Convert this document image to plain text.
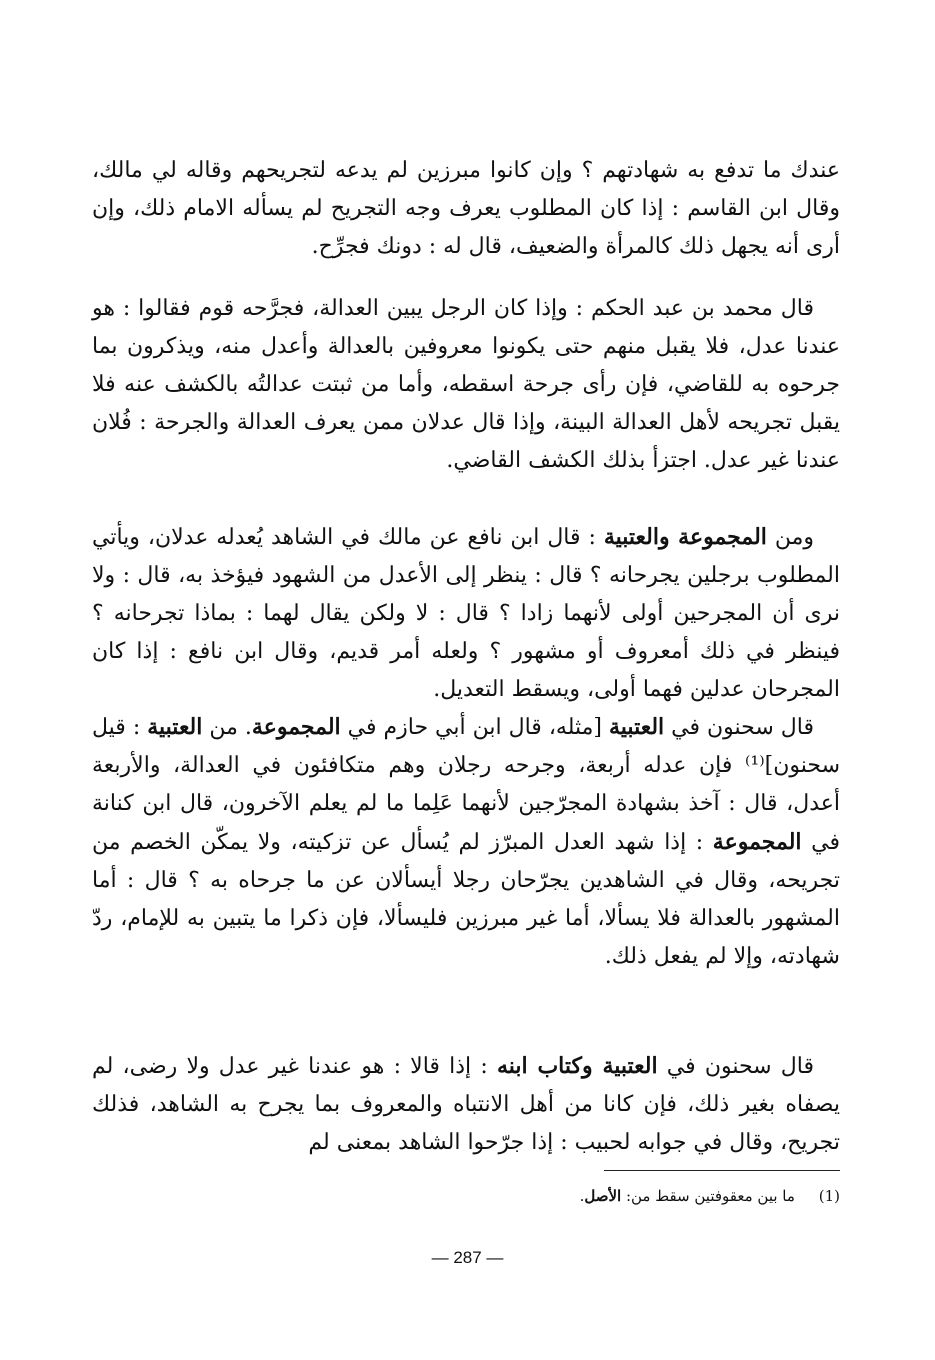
عندك ما تدفع به شهادتهم ؟ وإن كانوا مبرزين لم يدعه لتجريحهم وقاله لي مالك، وقال ابن القاسم : إذا كان المطلوب يعرف وجه التجريح لم يسأله الامام ذلك، وإن أرى أنه يجهل ذلك كالمرأة والضعيف، قال له : دونك فجرِّح.

قال محمد بن عبد الحكم : وإذا كان الرجل يبين العدالة، فجرَّحه قوم فقالوا : هو عندنا عدل، فلا يقبل منهم حتى يكونوا معروفين بالعدالة وأعدل منه، ويذكرون بما جرحوه به للقاضي، فإن رأى جرحة اسقطه، وأما من ثبتت عدالتُه بالكشف عنه فلا يقبل تجريحه لأهل العدالة البينة، وإذا قال عدلان ممن يعرف العدالة والجرحة : فُلان عندنا غير عدل. اجتزأ بذلك الكشف القاضي.

ومن المجموعة والعتبية : قال ابن نافع عن مالك في الشاهد يُعدله عدلان، ويأتي المطلوب برجلين يجرحانه ؟ قال : ينظر إلى الأعدل من الشهود فيؤخذ به، قال : ولا نرى أن المجرحين أولى لأنهما زادا ؟ قال : لا ولكن يقال لهما : بماذا تجرحانه ؟ فينظر في ذلك أمعروف أو مشهور ؟ ولعله أمر قديم، وقال ابن نافع : إذا كان المجرحان عدلين فهما أولى، ويسقط التعديل.

قال سحنون في العتبية [مثله، قال ابن أبي حازم في المجموعة. من العتبية : قيل سحنون]⁽¹⁾ فإن عدله أربعة، وجرحه رجلان وهم متكافئون في العدالة، والأربعة أعدل، قال : آخذ بشهادة المجرّجين لأنهما عَلِما ما لم يعلم الآخرون، قال ابن كنانة في المجموعة : إذا شهد العدل المبرّز لم يُسأل عن تزكيته، ولا يمكّن الخصم من تجريحه، وقال في الشاهدين يجرّحان رجلا أيسألان عن ما جرحاه به ؟ قال : أما المشهور بالعدالة فلا يسألا، أما غير مبرزين فليسألا، فإن ذكرا ما يتبين به للإمام، ردّ شهادته، وإلا لم يفعل ذلك.

قال سحنون في العتبية وكتاب ابنه : إذا قالا : هو عندنا غير عدل ولا رضى، لم يصفاه بغير ذلك، فإن كانا من أهل الانتباه والمعروف بما يجرح به الشاهد، فذلك تجريح، وقال في جوابه لحبيب : إذا جرّحوا الشاهد بمعنى لم

(1)     ما بين معقوفتين سقط من: الأصل.
— 287 —
